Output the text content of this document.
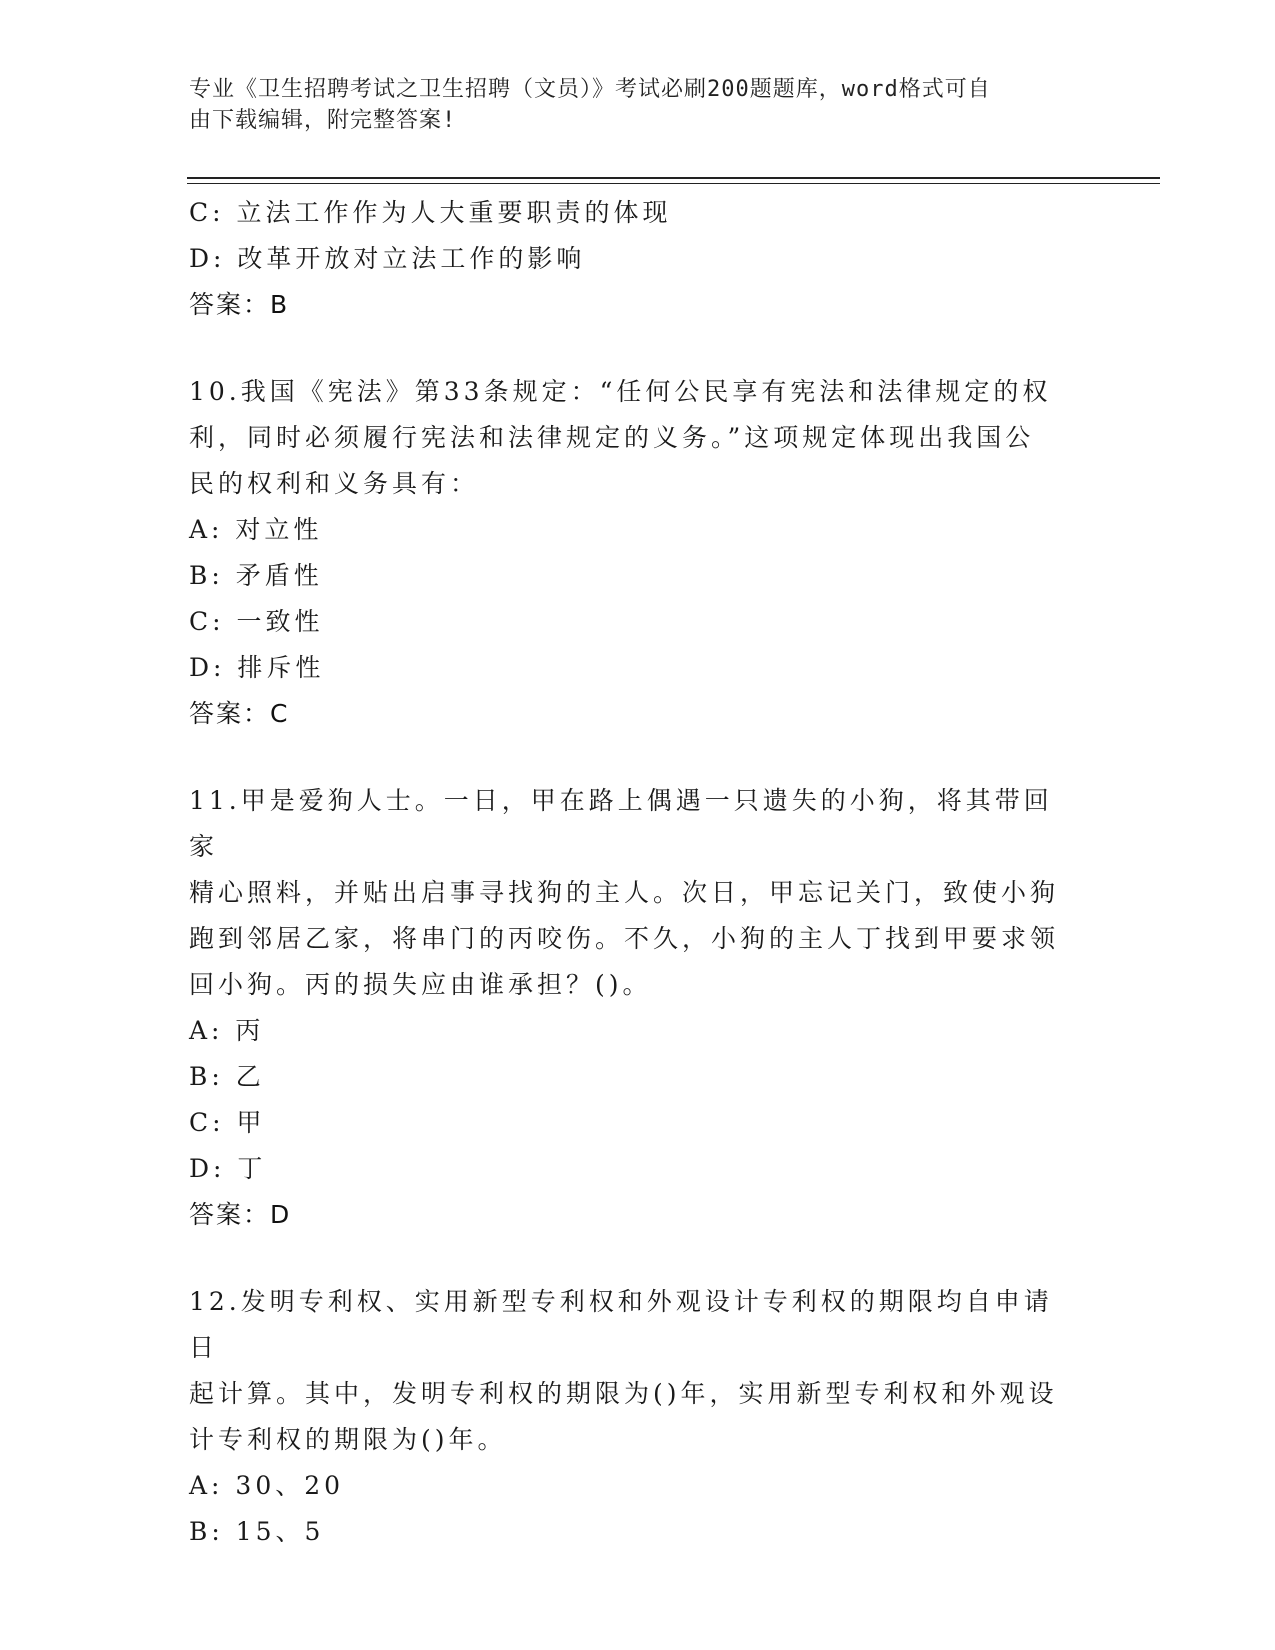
专业《卫生招聘考试之卫生招聘（文员）》考试必刷200题题库，word格式可自
由下载编辑，附完整答案!
C: 立法工作作为人大重要职责的体现
D: 改革开放对立法工作的影响
答案：B
10.我国《宪法》第33条规定：“任何公民享有宪法和法律规定的权
利，同时必须履行宪法和法律规定的义务。”这项规定体现出我国公
民的权利和义务具有：
A: 对立性
B: 矛盾性
C: 一致性
D: 排斥性
答案：C
11.甲是爱狗人士。一日，甲在路上偶遇一只遗失的小狗，将其带回家
精心照料，并贴出启事寻找狗的主人。次日，甲忘记关门，致使小狗
跑到邻居乙家，将串门的丙咬伤。不久，小狗的主人丁找到甲要求领
回小狗。丙的损失应由谁承担？()。
A: 丙
B: 乙
C: 甲
D: 丁
答案：D
12.发明专利权、实用新型专利权和外观设计专利权的期限均自申请日
起计算。其中，发明专利权的期限为()年，实用新型专利权和外观设
计专利权的期限为()年。
A: 30、20
B: 15、5
